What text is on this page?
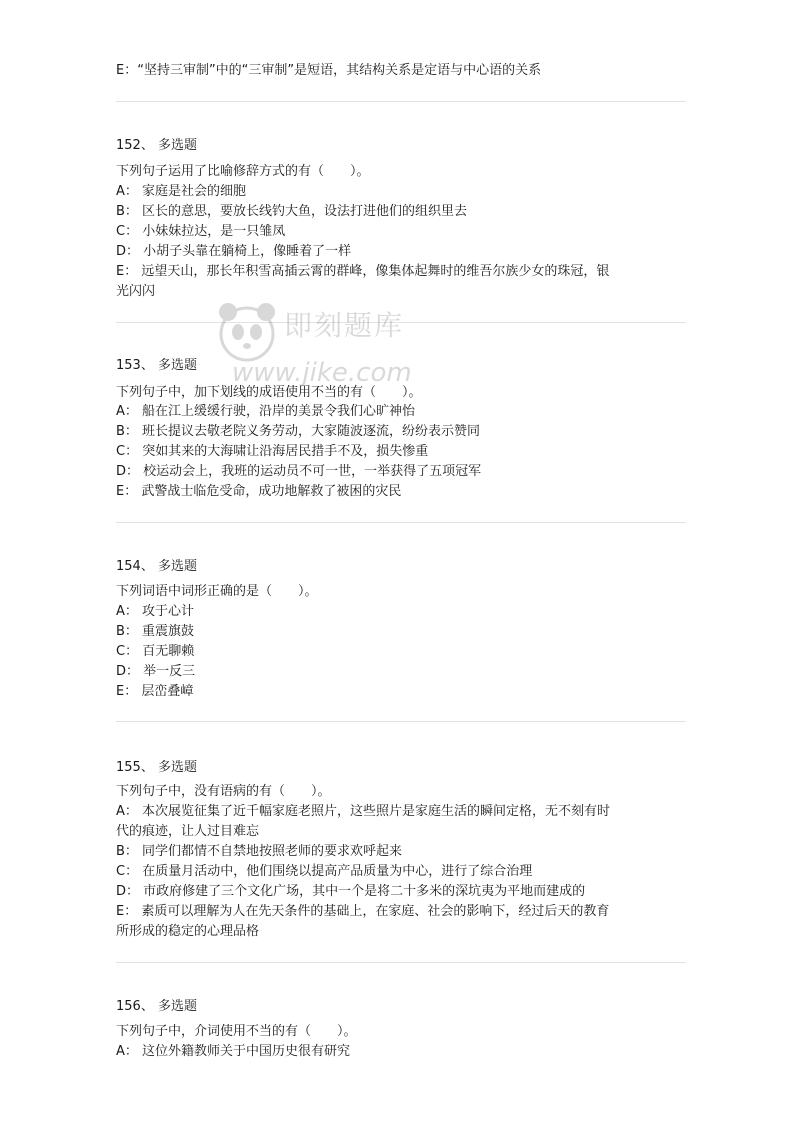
E：“坚持三审制”中的“三审制”是短语，其结构关系是定语与中心语的关系
152、 多选题
下列句子运用了比喻修辞方式的有（　　）。
A： 家庭是社会的细胞
B： 区长的意思，要放长线钓大鱼，设法打进他们的组织里去
C： 小妹妹拉达，是一只雏凤
D： 小胡子头靠在躺椅上，像睡着了一样
E： 远望天山，那长年积雪高插云霄的群峰，像集体起舞时的维吾尔族少女的珠冠，银
光闪闪
153、 多选题
下列句子中，加下划线的成语使用不当的有（　　）。
A： 船在江上缓缓行驶，沿岸的美景令我们心旷神怡
B： 班长提议去敬老院义务劳动，大家随波逐流，纷纷表示赞同
C： 突如其来的大海啸让沿海居民措手不及，损失惨重
D： 校运动会上，我班的运动员不可一世，一举获得了五项冠军
E： 武警战士临危受命，成功地解救了被困的灾民
154、 多选题
下列词语中词形正确的是（　　）。
A： 攻于心计
B： 重震旗鼓
C： 百无聊赖
D： 举一反三
E： 层峦叠嶂
155、 多选题
下列句子中，没有语病的有（　　）。
A： 本次展览征集了近千幅家庭老照片，这些照片是家庭生活的瞬间定格，无不刻有时
代的痕迹，让人过目难忘
B： 同学们都情不自禁地按照老师的要求欢呼起来
C： 在质量月活动中，他们围绕以提高产品质量为中心，进行了综合治理
D： 市政府修建了三个文化广场，其中一个是将二十多米的深坑夷为平地而建成的
E： 素质可以理解为人在先天条件的基础上，在家庭、社会的影响下，经过后天的教育
所形成的稳定的心理品格
156、 多选题
下列句子中，介词使用不当的有（　　）。
A： 这位外籍教师关于中国历史很有研究
即刻题库
www.jike.com
